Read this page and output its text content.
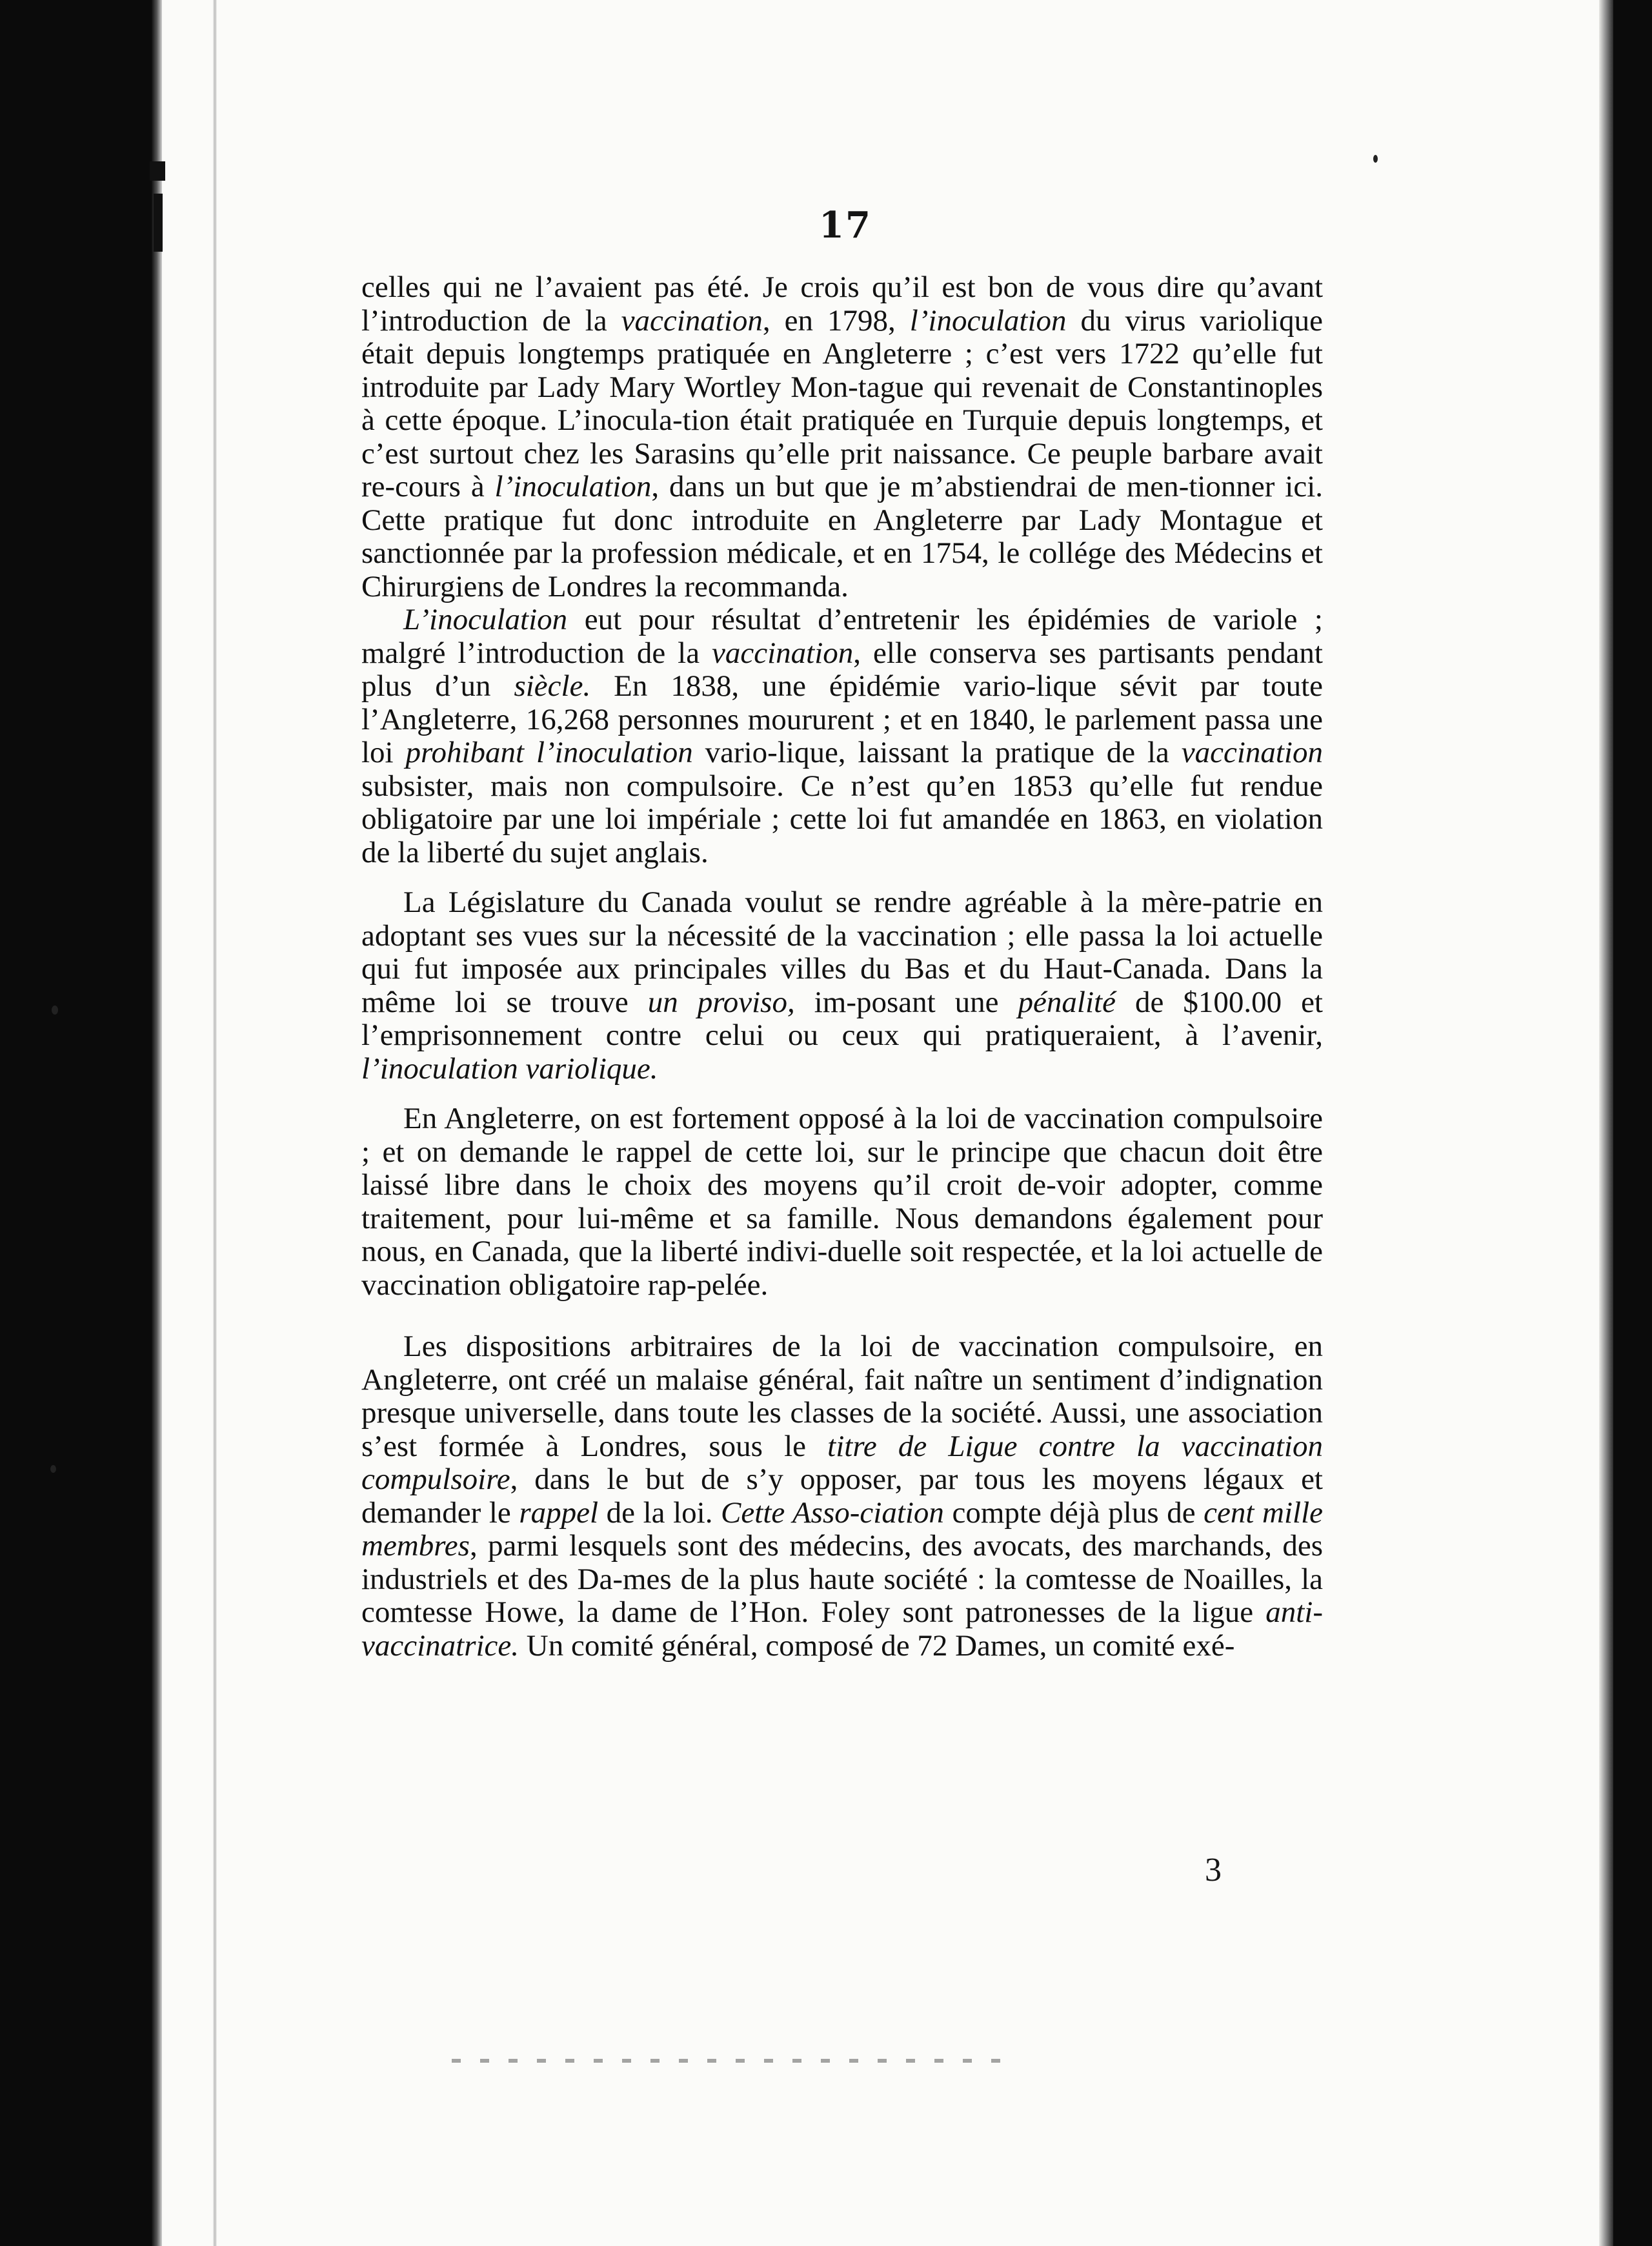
17

celles qui ne l’avaient pas été. Je crois qu’il est bon de vous dire qu’avant l’introduction de la vaccination, en 1798, l’inoculation du virus variolique était depuis longtemps pratiquée en Angleterre ; c’est vers 1722 qu’elle fut introduite par Lady Mary Wortley Mon-tague qui revenait de Constantinoples à cette époque. L’inocula-tion était pratiquée en Turquie depuis longtemps, et c’est surtout chez les Sarasins qu’elle prit naissance. Ce peuple barbare avait re-cours à l’inoculation, dans un but que je m’abstiendrai de men-tionner ici. Cette pratique fut donc introduite en Angleterre par Lady Montague et sanctionnée par la profession médicale, et en 1754, le collége des Médecins et Chirurgiens de Londres la recommanda.

L’inoculation eut pour résultat d’entretenir les épidémies de variole ; malgré l’introduction de la vaccination, elle conserva ses partisants pendant plus d’un siècle. En 1838, une épidémie vario-lique sévit par toute l’Angleterre, 16,268 personnes moururent ; et en 1840, le parlement passa une loi prohibant l’inoculation vario-lique, laissant la pratique de la vaccination subsister, mais non compulsoire. Ce n’est qu’en 1853 qu’elle fut rendue obligatoire par une loi impériale ; cette loi fut amandée en 1863, en violation de la liberté du sujet anglais.

La Législature du Canada voulut se rendre agréable à la mère-patrie en adoptant ses vues sur la nécessité de la vaccination ; elle passa la loi actuelle qui fut imposée aux principales villes du Bas et du Haut-Canada. Dans la même loi se trouve un proviso, im-posant une pénalité de $100.00 et l’emprisonnement contre celui ou ceux qui pratiqueraient, à l’avenir, l’inoculation variolique.

En Angleterre, on est fortement opposé à la loi de vaccination compulsoire ; et on demande le rappel de cette loi, sur le principe que chacun doit être laissé libre dans le choix des moyens qu’il croit de-voir adopter, comme traitement, pour lui-même et sa famille. Nous demandons également pour nous, en Canada, que la liberté indivi-duelle soit respectée, et la loi actuelle de vaccination obligatoire rap-pelée.

Les dispositions arbitraires de la loi de vaccination compulsoire, en Angleterre, ont créé un malaise général, fait naître un sentiment d’indignation presque universelle, dans toute les classes de la société. Aussi, une association s’est formée à Londres, sous le titre de Ligue contre la vaccination compulsoire, dans le but de s’y opposer, par tous les moyens légaux et demander le rappel de la loi. Cette Asso-ciation compte déjà plus de cent mille membres, parmi lesquels sont des médecins, des avocats, des marchands, des industriels et des Da-mes de la plus haute société : la comtesse de Noailles, la comtesse Howe, la dame de l’Hon. Foley sont patronesses de la ligue anti-vaccinatrice. Un comité général, composé de 72 Dames, un comité exé-

3
